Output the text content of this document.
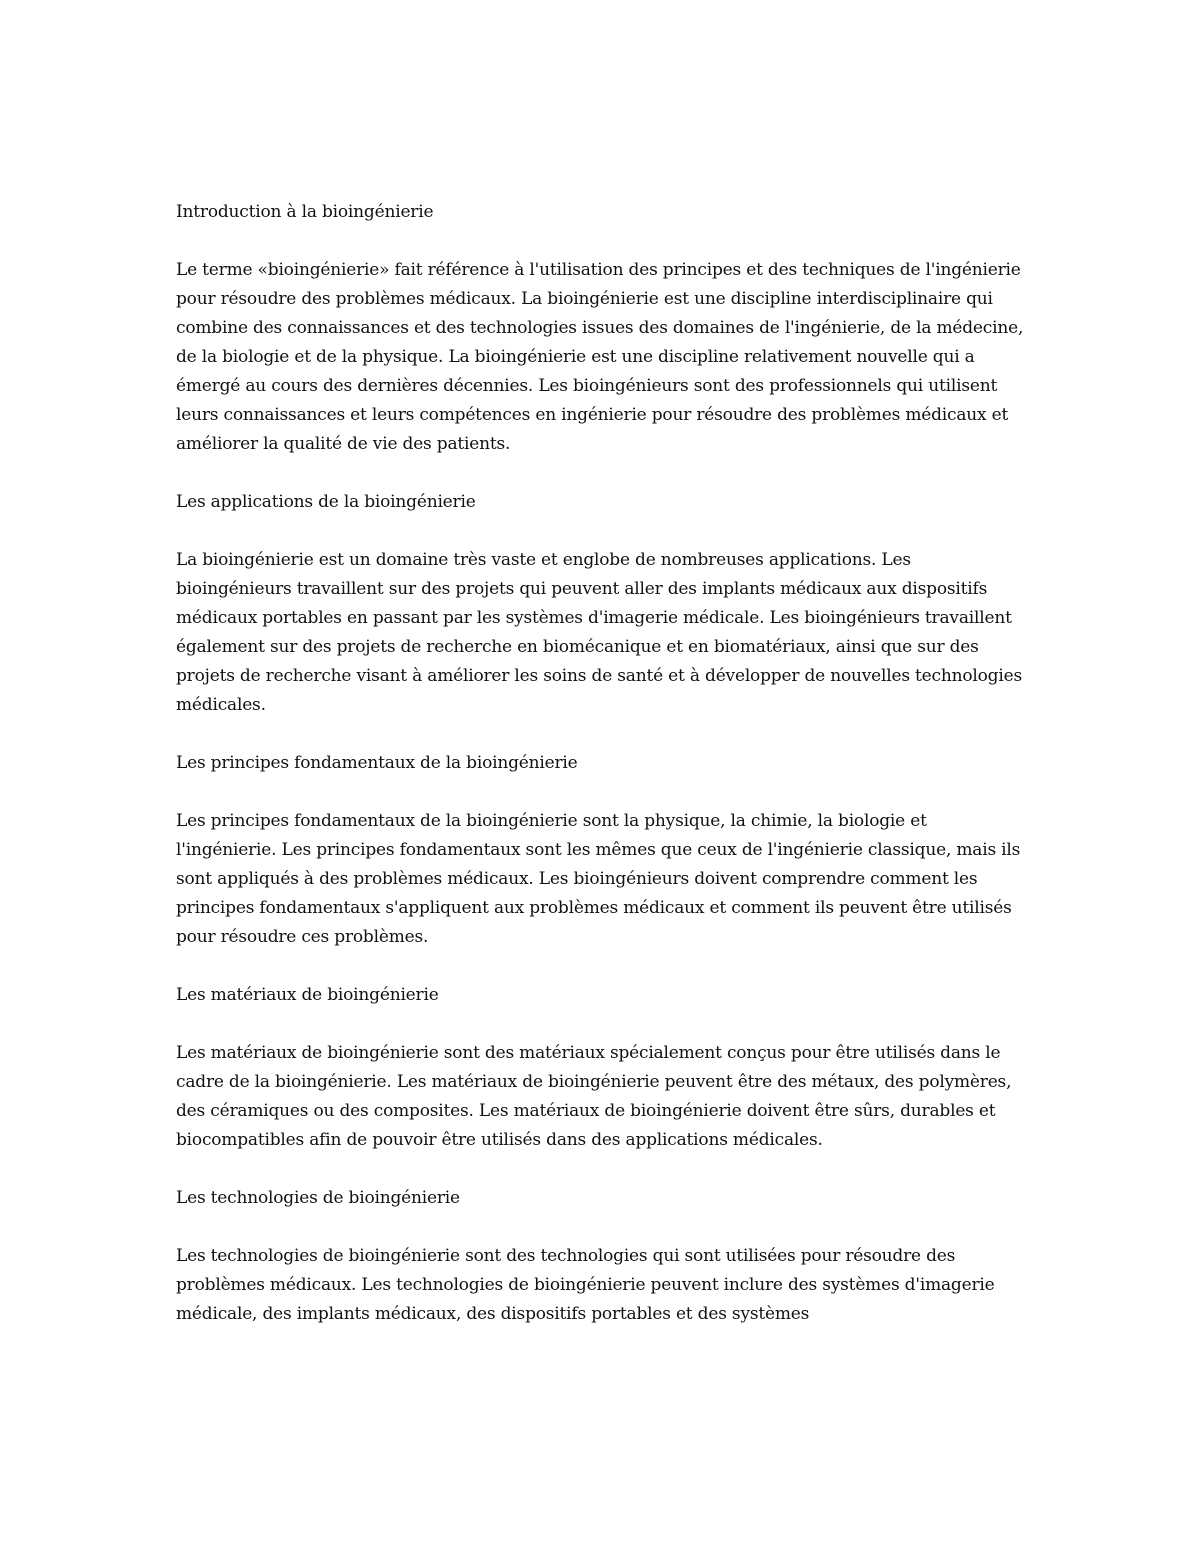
Introduction à la bioingénierie

Le terme «bioingénierie» fait référence à l'utilisation des principes et des techniques de l'ingénierie pour résoudre des problèmes médicaux. La bioingénierie est une discipline interdisciplinaire qui combine des connaissances et des technologies issues des domaines de l'ingénierie, de la médecine, de la biologie et de la physique. La bioingénierie est une discipline relativement nouvelle qui a émergé au cours des dernières décennies. Les bioingénieurs sont des professionnels qui utilisent leurs connaissances et leurs compétences en ingénierie pour résoudre des problèmes médicaux et améliorer la qualité de vie des patients.

Les applications de la bioingénierie

La bioingénierie est un domaine très vaste et englobe de nombreuses applications. Les bioingénieurs travaillent sur des projets qui peuvent aller des implants médicaux aux dispositifs médicaux portables en passant par les systèmes d'imagerie médicale. Les bioingénieurs travaillent également sur des projets de recherche en biomécanique et en biomatériaux, ainsi que sur des projets de recherche visant à améliorer les soins de santé et à développer de nouvelles technologies médicales.

Les principes fondamentaux de la bioingénierie

Les principes fondamentaux de la bioingénierie sont la physique, la chimie, la biologie et l'ingénierie. Les principes fondamentaux sont les mêmes que ceux de l'ingénierie classique, mais ils sont appliqués à des problèmes médicaux. Les bioingénieurs doivent comprendre comment les principes fondamentaux s'appliquent aux problèmes médicaux et comment ils peuvent être utilisés pour résoudre ces problèmes.

Les matériaux de bioingénierie

Les matériaux de bioingénierie sont des matériaux spécialement conçus pour être utilisés dans le cadre de la bioingénierie. Les matériaux de bioingénierie peuvent être des métaux, des polymères, des céramiques ou des composites. Les matériaux de bioingénierie doivent être sûrs, durables et biocompatibles afin de pouvoir être utilisés dans des applications médicales.

Les technologies de bioingénierie

Les technologies de bioingénierie sont des technologies qui sont utilisées pour résoudre des problèmes médicaux. Les technologies de bioingénierie peuvent inclure des systèmes d'imagerie médicale, des implants médicaux, des dispositifs portables et des systèmes
